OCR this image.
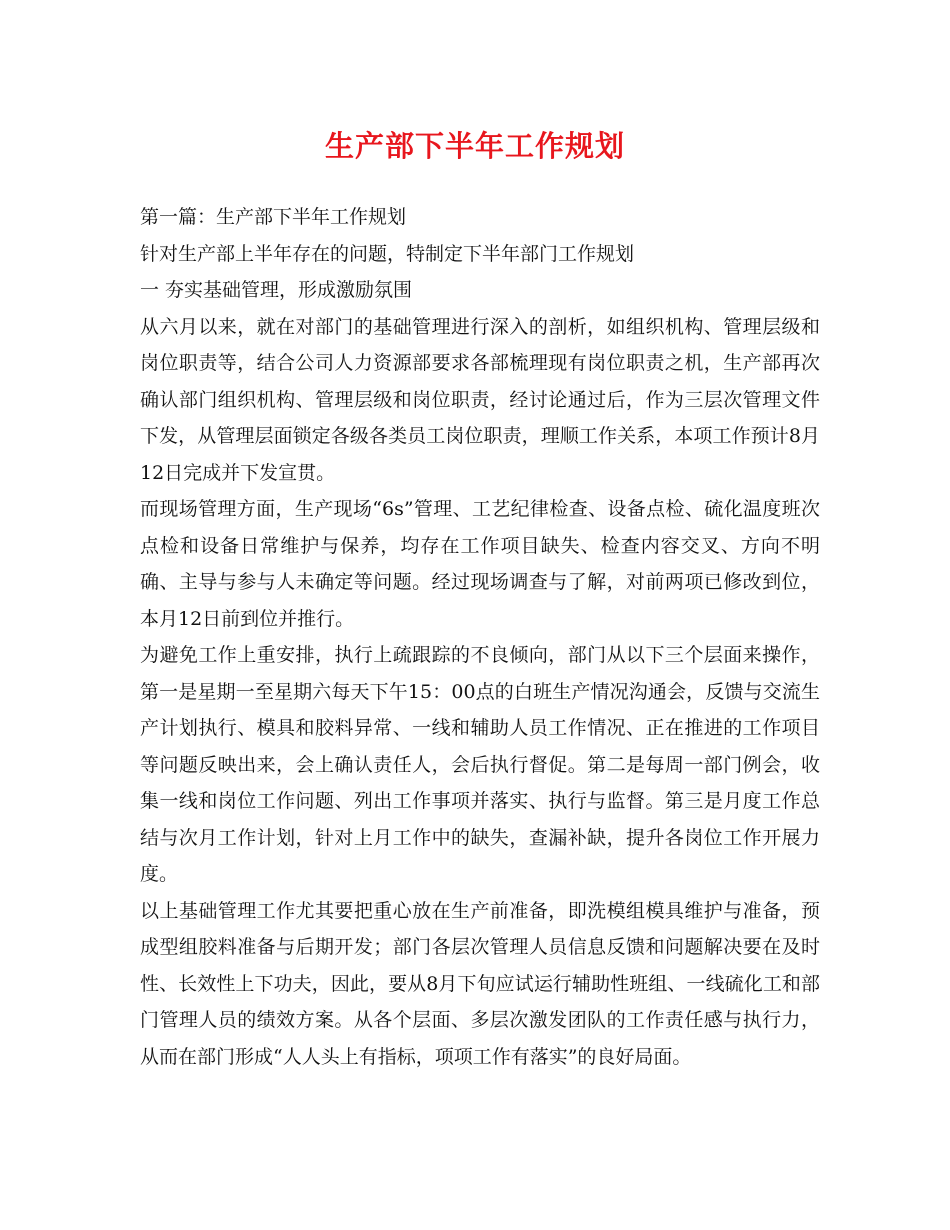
生产部下半年工作规划

第一篇：生产部下半年工作规划

针对生产部上半年存在的问题，特制定下半年部门工作规划

一 夯实基础管理，形成激励氛围

从六月以来，就在对部门的基础管理进行深入的剖析，如组织机构、管理层级和岗位职责等，结合公司人力资源部要求各部梳理现有岗位职责之机，生产部再次确认部门组织机构、管理层级和岗位职责，经讨论通过后，作为三层次管理文件下发，从管理层面锁定各级各类员工岗位职责，理顺工作关系，本项工作预计8月12日完成并下发宣贯。

而现场管理方面，生产现场“6s”管理、工艺纪律检查、设备点检、硫化温度班次点检和设备日常维护与保养，均存在工作项目缺失、检查内容交叉、方向不明确、主导与参与人未确定等问题。经过现场调查与了解，对前两项已修改到位，本月12日前到位并推行。

为避免工作上重安排，执行上疏跟踪的不良倾向，部门从以下三个层面来操作，第一是星期一至星期六每天下午15：00点的白班生产情况沟通会，反馈与交流生产计划执行、模具和胶料异常、一线和辅助人员工作情况、正在推进的工作项目等问题反映出来，会上确认责任人，会后执行督促。第二是每周一部门例会，收集一线和岗位工作问题、列出工作事项并落实、执行与监督。第三是月度工作总结与次月工作计划，针对上月工作中的缺失，查漏补缺，提升各岗位工作开展力度。

以上基础管理工作尤其要把重心放在生产前准备，即洗模组模具维护与准备，预成型组胶料准备与后期开发；部门各层次管理人员信息反馈和问题解决要在及时性、长效性上下功夫，因此，要从8月下旬应试运行辅助性班组、一线硫化工和部门管理人员的绩效方案。从各个层面、多层次激发团队的工作责任感与执行力，从而在部门形成“人人头上有指标，项项工作有落实”的良好局面。
